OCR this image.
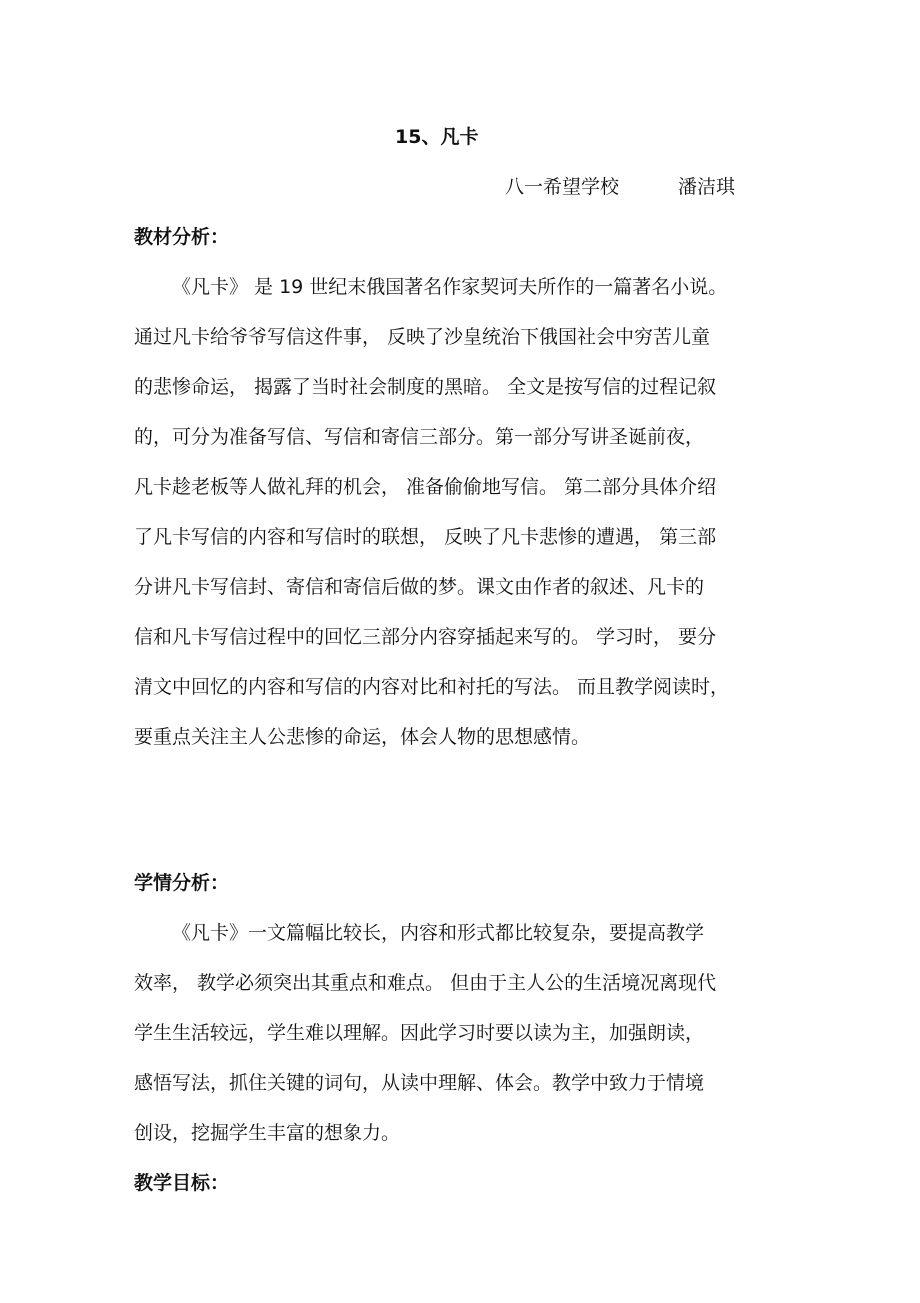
15、凡卡
八一希望学校	潘洁琪
教材分析：

《凡卡》 是 19 世纪末俄国著名作家契诃夫所作的一篇著名小说。

通过凡卡给爷爷写信这件事， 反映了沙皇统治下俄国社会中穷苦儿童

的悲惨命运， 揭露了当时社会制度的黑暗。 全文是按写信的过程记叙

的，可分为准备写信、写信和寄信三部分。第一部分写讲圣诞前夜，

凡卡趁老板等人做礼拜的机会， 准备偷偷地写信。 第二部分具体介绍

了凡卡写信的内容和写信时的联想， 反映了凡卡悲惨的遭遇， 第三部

分讲凡卡写信封、寄信和寄信后做的梦。课文由作者的叙述、凡卡的

信和凡卡写信过程中的回忆三部分内容穿插起来写的。 学习时， 要分

清文中回忆的内容和写信的内容对比和衬托的写法。 而且教学阅读时，

要重点关注主人公悲惨的命运，体会人物的思想感情。

学情分析：

《凡卡》一文篇幅比较长，内容和形式都比较复杂，要提高教学

效率， 教学必须突出其重点和难点。 但由于主人公的生活境况离现代

学生生活较远，学生难以理解。因此学习时要以读为主，加强朗读，

感悟写法，抓住关键的词句，从读中理解、体会。教学中致力于情境

创设，挖掘学生丰富的想象力。

教学目标：
